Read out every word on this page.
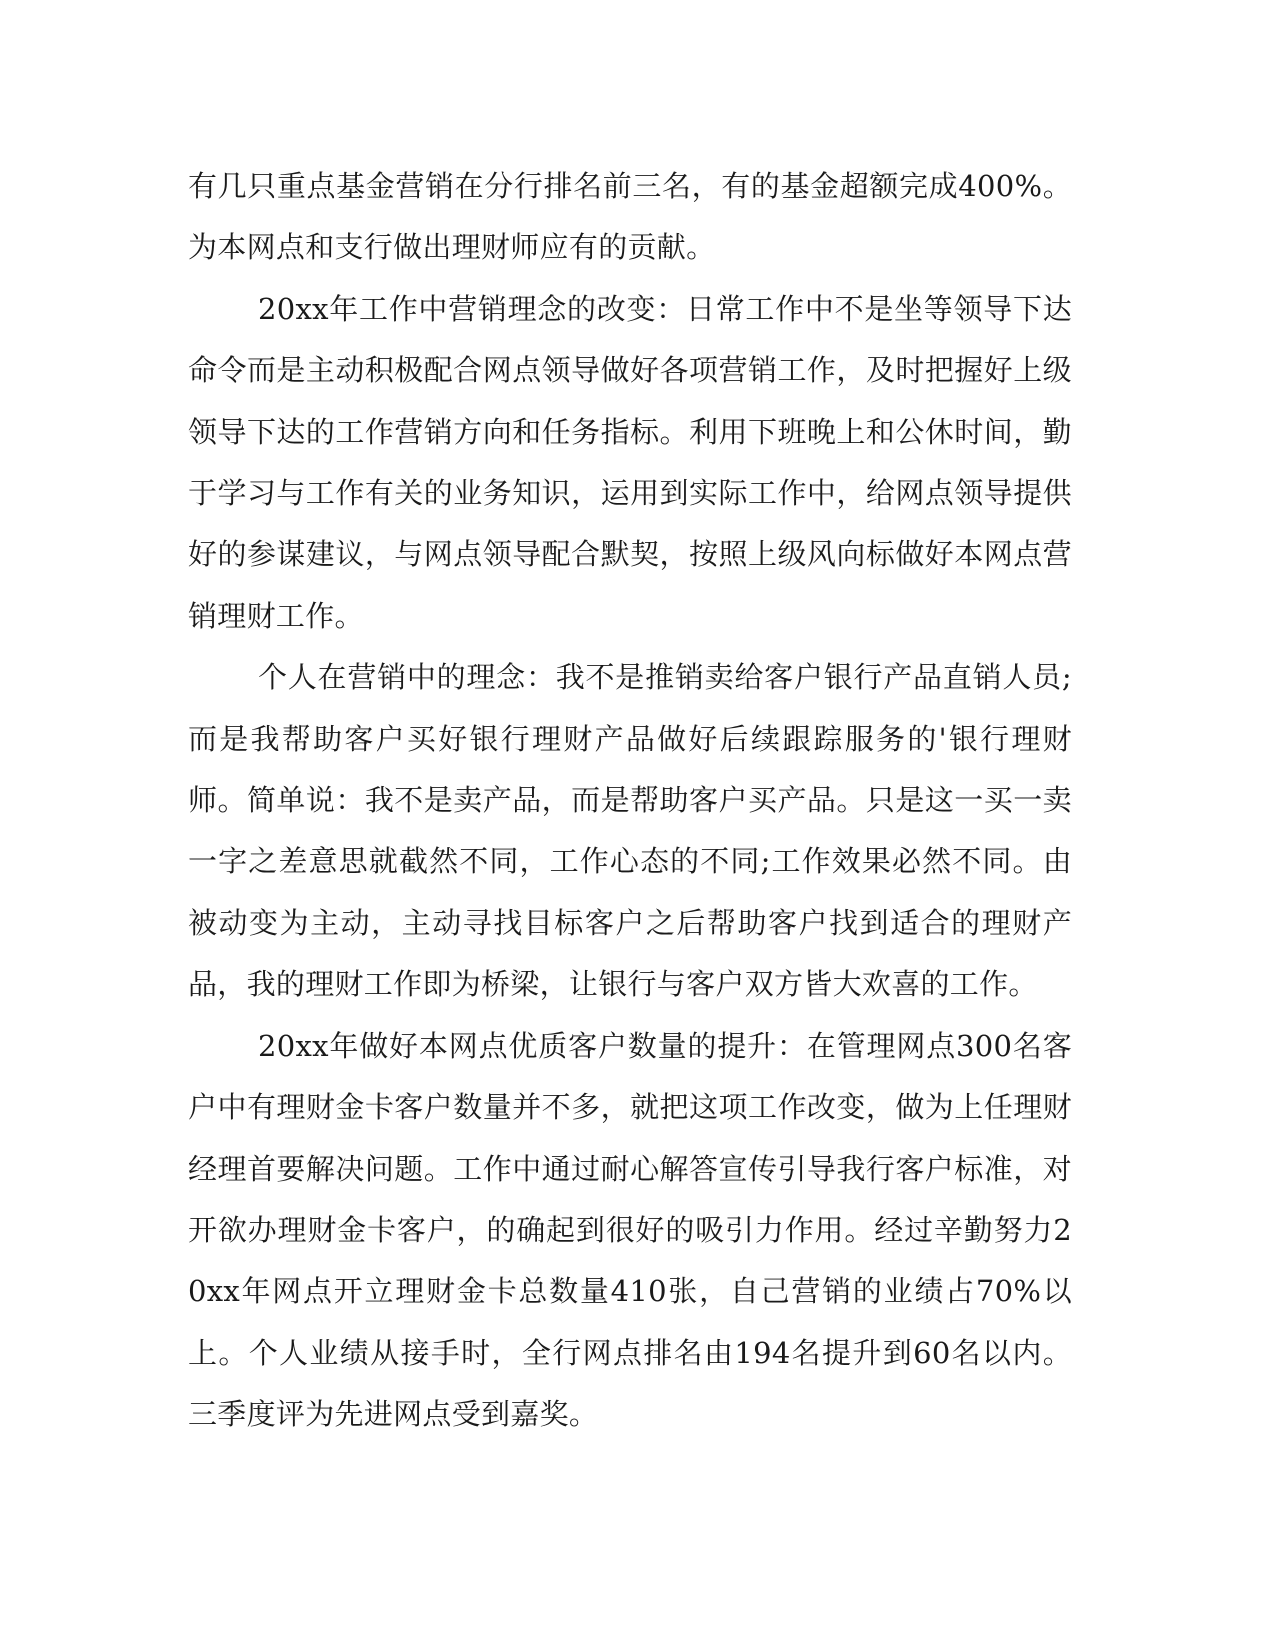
有几只重点基金营销在分行排名前三名，有的基金超额完成400%。为本网点和支行做出理财师应有的贡献。

20xx年工作中营销理念的改变：日常工作中不是坐等领导下达命令而是主动积极配合网点领导做好各项营销工作，及时把握好上级领导下达的工作营销方向和任务指标。利用下班晚上和公休时间，勤于学习与工作有关的业务知识，运用到实际工作中，给网点领导提供好的参谋建议，与网点领导配合默契，按照上级风向标做好本网点营销理财工作。

个人在营销中的理念：我不是推销卖给客户银行产品直销人员;而是我帮助客户买好银行理财产品做好后续跟踪服务的'银行理财师。简单说：我不是卖产品，而是帮助客户买产品。只是这一买一卖一字之差意思就截然不同，工作心态的不同;工作效果必然不同。由被动变为主动，主动寻找目标客户之后帮助客户找到适合的理财产品，我的理财工作即为桥梁，让银行与客户双方皆大欢喜的工作。

20xx年做好本网点优质客户数量的提升：在管理网点300名客户中有理财金卡客户数量并不多，就把这项工作改变，做为上任理财经理首要解决问题。工作中通过耐心解答宣传引导我行客户标准，对开欲办理财金卡客户，的确起到很好的吸引力作用。经过辛勤努力20xx年网点开立理财金卡总数量410张，自己营销的业绩占70%以上。个人业绩从接手时，全行网点排名由194名提升到60名以内。三季度评为先进网点受到嘉奖。
